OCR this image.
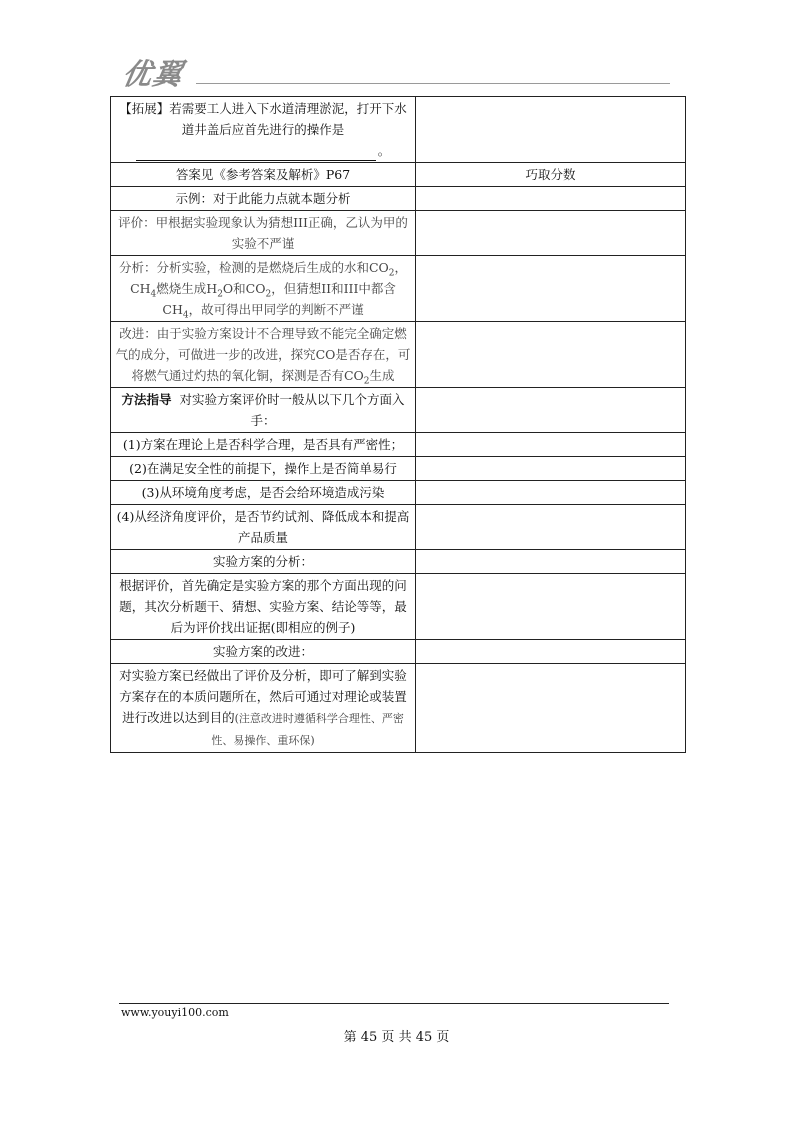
优翼
【拓展】若需要工人进入下水道清理淤泥，打开下水道井盖后应首先进行的操作是
。	
答案见《参考答案及解析》P67	巧取分数
示例：对于此能力点就本题分析	
评价：甲根据实验现象认为猜想III正确，乙认为甲的实验不严谨	
分析：分析实验，检测的是燃烧后生成的水和$CO_2$，$CH_4$燃烧生成$H_2O$和$CO_2$，但猜想II和III中都含$CH_4$，故可得出甲同学的判断不严谨	
改进：由于实验方案设计不合理导致不能完全确定燃气的成分，可做进一步的改进，探究CO是否存在，可将燃气通过灼热的氧化铜，探测是否有$CO_2$生成	
方法指导 对实验方案评价时一般从以下几个方面入手：	
(1)方案在理论上是否科学合理，是否具有严密性；	
(2)在满足安全性的前提下，操作上是否简单易行	
(3)从环境角度考虑，是否会给环境造成污染	
(4)从经济角度评价，是否节约试剂、降低成本和提高产品质量	
实验方案的分析：	
根据评价，首先确定是实验方案的那个方面出现的问题，其次分析题干、猜想、实验方案、结论等等，最后为评价找出证据(即相应的例子)	
实验方案的改进：	
对实验方案已经做出了评价及分析，即可了解到实验方案存在的本质问题所在，然后可通过对理论或装置进行改进以达到目的(注意改进时遵循科学合理性、严密性、易操作、重环保)	
www.youyi100.com
第 45 页 共 45 页
